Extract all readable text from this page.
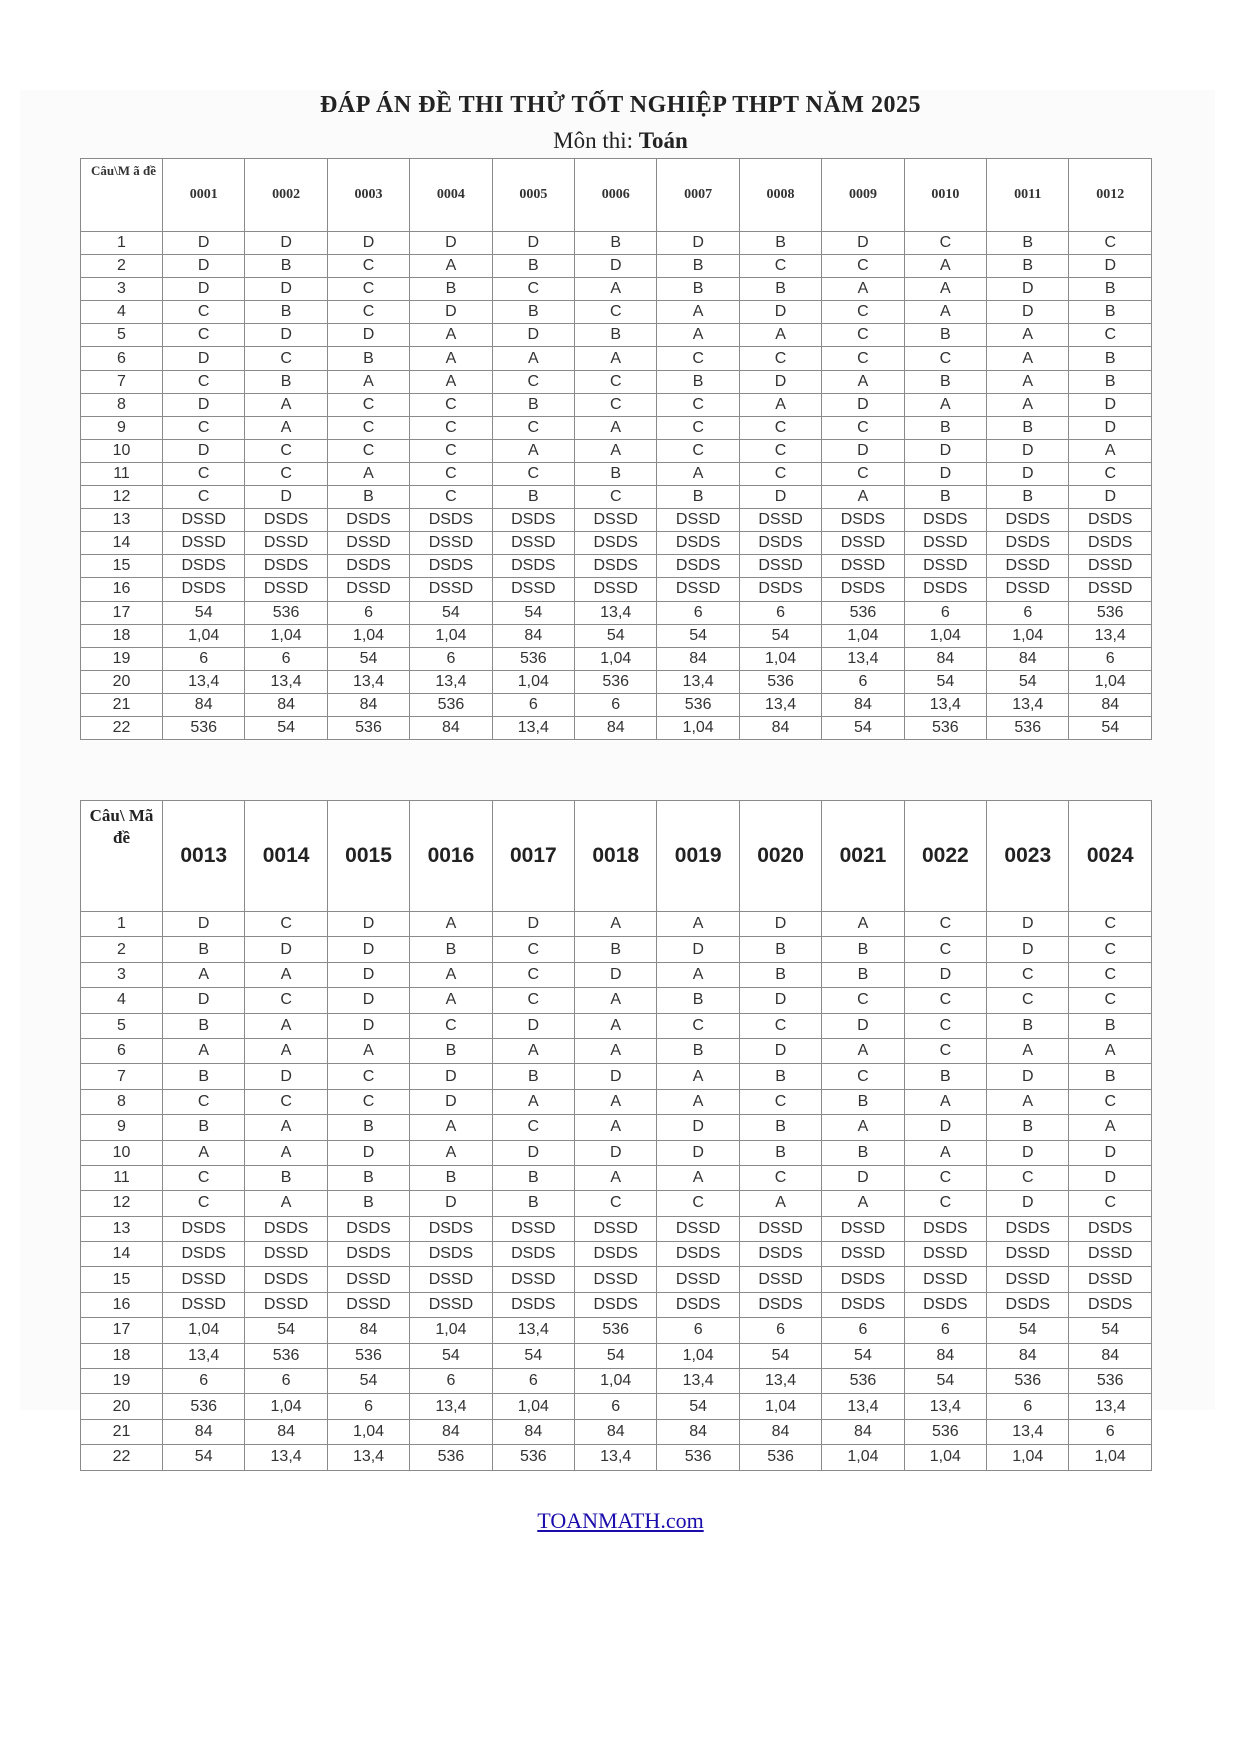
ĐÁP ÁN ĐỀ THI THỬ TỐT NGHIỆP THPT NĂM 2025
Môn thi: Toán
Câu\M ã đề	0001	0002	0003	0004	0005	0006	0007	0008	0009	0010	0011	0012
1	D	D	D	D	D	B	D	B	D	C	B	C
2	D	B	C	A	B	D	B	C	C	A	B	D
3	D	D	C	B	C	A	B	B	A	A	D	B
4	C	B	C	D	B	C	A	D	C	A	D	B
5	C	D	D	A	D	B	A	A	C	B	A	C
6	D	C	B	A	A	A	C	C	C	C	A	B
7	C	B	A	A	C	C	B	D	A	B	A	B
8	D	A	C	C	B	C	C	A	D	A	A	D
9	C	A	C	C	C	A	C	C	C	B	B	D
10	D	C	C	C	A	A	C	C	D	D	D	A
11	C	C	A	C	C	B	A	C	C	D	D	C
12	C	D	B	C	B	C	B	D	A	B	B	D
13	DSSD	DSDS	DSDS	DSDS	DSDS	DSSD	DSSD	DSSD	DSDS	DSDS	DSDS	DSDS
14	DSSD	DSSD	DSSD	DSSD	DSSD	DSDS	DSDS	DSDS	DSSD	DSSD	DSDS	DSDS
15	DSDS	DSDS	DSDS	DSDS	DSDS	DSDS	DSDS	DSSD	DSSD	DSSD	DSSD	DSSD
16	DSDS	DSSD	DSSD	DSSD	DSSD	DSSD	DSSD	DSDS	DSDS	DSDS	DSSD	DSSD
17	54	536	6	54	54	13,4	6	6	536	6	6	536
18	1,04	1,04	1,04	1,04	84	54	54	54	1,04	1,04	1,04	13,4
19	6	6	54	6	536	1,04	84	1,04	13,4	84	84	6
20	13,4	13,4	13,4	13,4	1,04	536	13,4	536	6	54	54	1,04
21	84	84	84	536	6	6	536	13,4	84	13,4	13,4	84
22	536	54	536	84	13,4	84	1,04	84	54	536	536	54
Câu\ Mã đề	0013	0014	0015	0016	0017	0018	0019	0020	0021	0022	0023	0024
1	D	C	D	A	D	A	A	D	A	C	D	C
2	B	D	D	B	C	B	D	B	B	C	D	C
3	A	A	D	A	C	D	A	B	B	D	C	C
4	D	C	D	A	C	A	B	D	C	C	C	C
5	B	A	D	C	D	A	C	C	D	C	B	B
6	A	A	A	B	A	A	B	D	A	C	A	A
7	B	D	C	D	B	D	A	B	C	B	D	B
8	C	C	C	D	A	A	A	C	B	A	A	C
9	B	A	B	A	C	A	D	B	A	D	B	A
10	A	A	D	A	D	D	D	B	B	A	D	D
11	C	B	B	B	B	A	A	C	D	C	C	D
12	C	A	B	D	B	C	C	A	A	C	D	C
13	DSDS	DSDS	DSDS	DSDS	DSSD	DSSD	DSSD	DSSD	DSSD	DSDS	DSDS	DSDS
14	DSDS	DSSD	DSDS	DSDS	DSDS	DSDS	DSDS	DSDS	DSSD	DSSD	DSSD	DSSD
15	DSSD	DSDS	DSSD	DSSD	DSSD	DSSD	DSSD	DSSD	DSDS	DSSD	DSSD	DSSD
16	DSSD	DSSD	DSSD	DSSD	DSDS	DSDS	DSDS	DSDS	DSDS	DSDS	DSDS	DSDS
17	1,04	54	84	1,04	13,4	536	6	6	6	6	54	54
18	13,4	536	536	54	54	54	1,04	54	54	84	84	84
19	6	6	54	6	6	1,04	13,4	13,4	536	54	536	536
20	536	1,04	6	13,4	1,04	6	54	1,04	13,4	13,4	6	13,4
21	84	84	1,04	84	84	84	84	84	84	536	13,4	6
22	54	13,4	13,4	536	536	13,4	536	536	1,04	1,04	1,04	1,04
TOANMATH.com
